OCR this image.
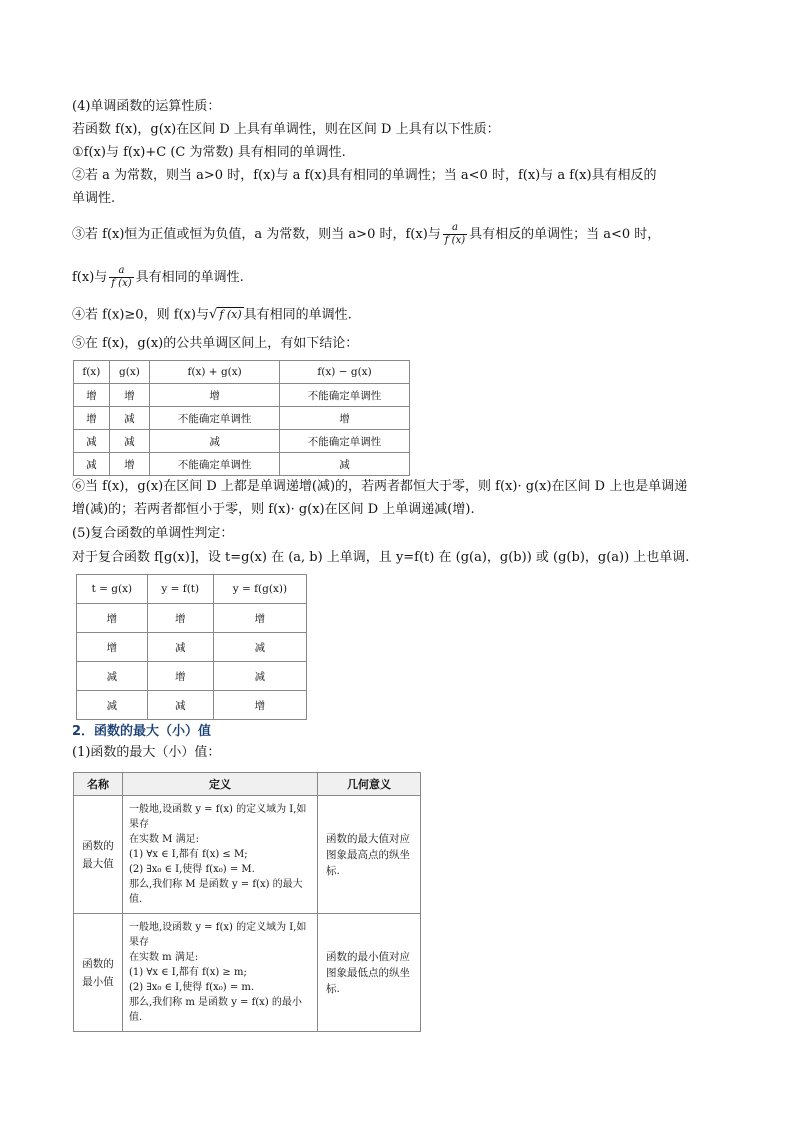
(4)单调函数的运算性质：
若函数 f(x)，g(x)在区间 D 上具有单调性，则在区间 D 上具有以下性质：
①f(x)与 f(x)+C (C 为常数) 具有相同的单调性.
②若 a 为常数，则当 a>0 时，f(x)与 a f(x)具有相同的单调性；当 a<0 时，f(x)与 a f(x)具有相反的
单调性.
③若 f(x)恒为正值或恒为负值，a 为常数，则当 a>0 时，f(x)与 $\frac{a}{f (x)}$ 具有相反的单调性；当 a<0 时，
f(x)与 $\frac{a}{f (x)}$ 具有相同的单调性.
④若 f(x)≥0，则 f(x)与√ f (x) 具有相同的单调性.
⑤在 f(x)，g(x)的公共单调区间上，有如下结论：
f(x)	g(x)	f(x) + g(x)	f(x) − g(x)
增	增	增	不能确定单调性
增	减	不能确定单调性	增
减	减	减	不能确定单调性
减	增	不能确定单调性	减
⑥当 f(x)，g(x)在区间 D 上都是单调递增(减)的，若两者都恒大于零，则 f(x)· g(x)在区间 D 上也是单调递
增(减)的；若两者都恒小于零，则 f(x)· g(x)在区间 D 上单调递减(增).
(5)复合函数的单调性判定：
对于复合函数 f[g(x)]，设 t=g(x) 在 (a, b) 上单调，且 y=f(t) 在 (g(a)，g(b)) 或 (g(b)，g(a)) 上也单调.
t = g(x)	y = f(t)	y = f(g(x))
增	增	增
增	减	减
减	增	减
减	减	增
2．函数的最大（小）值
(1)函数的最大（小）值：
名称	定义	几何意义
函数的最大值	一般地,设函数 y = f(x) 的定义域为 I,如果存
在实数 M 满足:
(1) ∀x ∈ I,都有 f(x) ≤ M;
(2) ∃x₀ ∈ I,使得 f(x₀) = M.
那么,我们称 M 是函数 y = f(x) 的最大值.	函数的最大值对应图象最高点的纵坐标.
函数的最小值	一般地,设函数 y = f(x) 的定义域为 I,如果存
在实数 m 满足:
(1) ∀x ∈ I,都有 f(x) ≥ m;
(2) ∃x₀ ∈ I,使得 f(x₀) = m.
那么,我们称 m 是函数 y = f(x) 的最小值.	函数的最小值对应图象最低点的纵坐标.
